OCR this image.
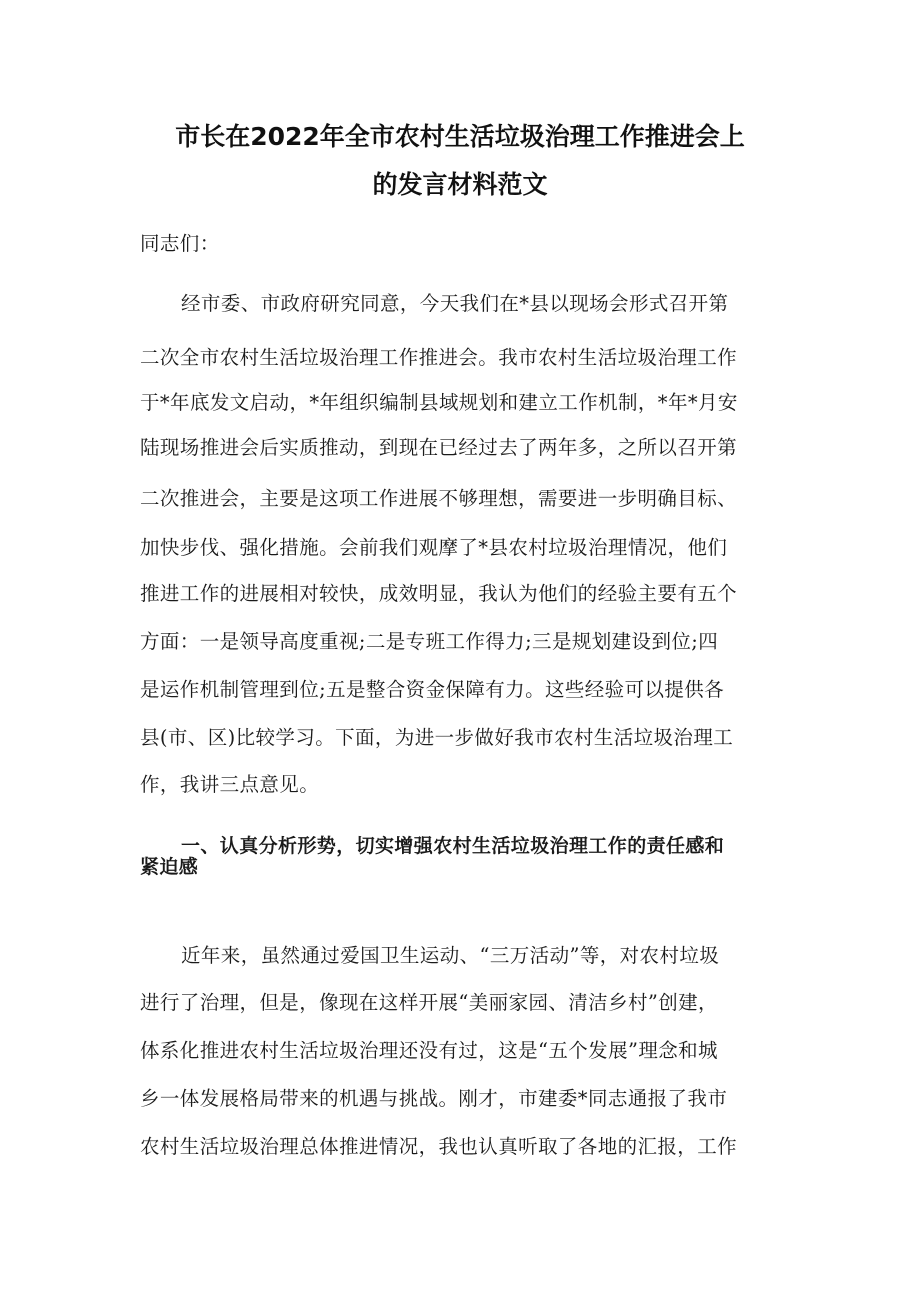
市长在2022年全市农村生活垃圾治理工作推进会上
的发言材料范文
同志们：
经市委、市政府研究同意，今天我们在*县以现场会形式召开第
二次全市农村生活垃圾治理工作推进会。我市农村生活垃圾治理工作
于*年底发文启动，*年组织编制县域规划和建立工作机制，*年*月安
陆现场推进会后实质推动，到现在已经过去了两年多，之所以召开第
二次推进会，主要是这项工作进展不够理想，需要进一步明确目标、
加快步伐、强化措施。会前我们观摩了*县农村垃圾治理情况，他们
推进工作的进展相对较快，成效明显，我认为他们的经验主要有五个
方面：一是领导高度重视;二是专班工作得力;三是规划建设到位;四
是运作机制管理到位;五是整合资金保障有力。这些经验可以提供各
县(市、区)比较学习。下面，为进一步做好我市农村生活垃圾治理工
作，我讲三点意见。
一、认真分析形势，切实增强农村生活垃圾治理工作的责任感和
紧迫感
近年来，虽然通过爱国卫生运动、“三万活动”等，对农村垃圾
进行了治理，但是，像现在这样开展“美丽家园、清洁乡村”创建，
体系化推进农村生活垃圾治理还没有过，这是“五个发展”理念和城
乡一体发展格局带来的机遇与挑战。刚才，市建委*同志通报了我市
农村生活垃圾治理总体推进情况，我也认真听取了各地的汇报，工作
